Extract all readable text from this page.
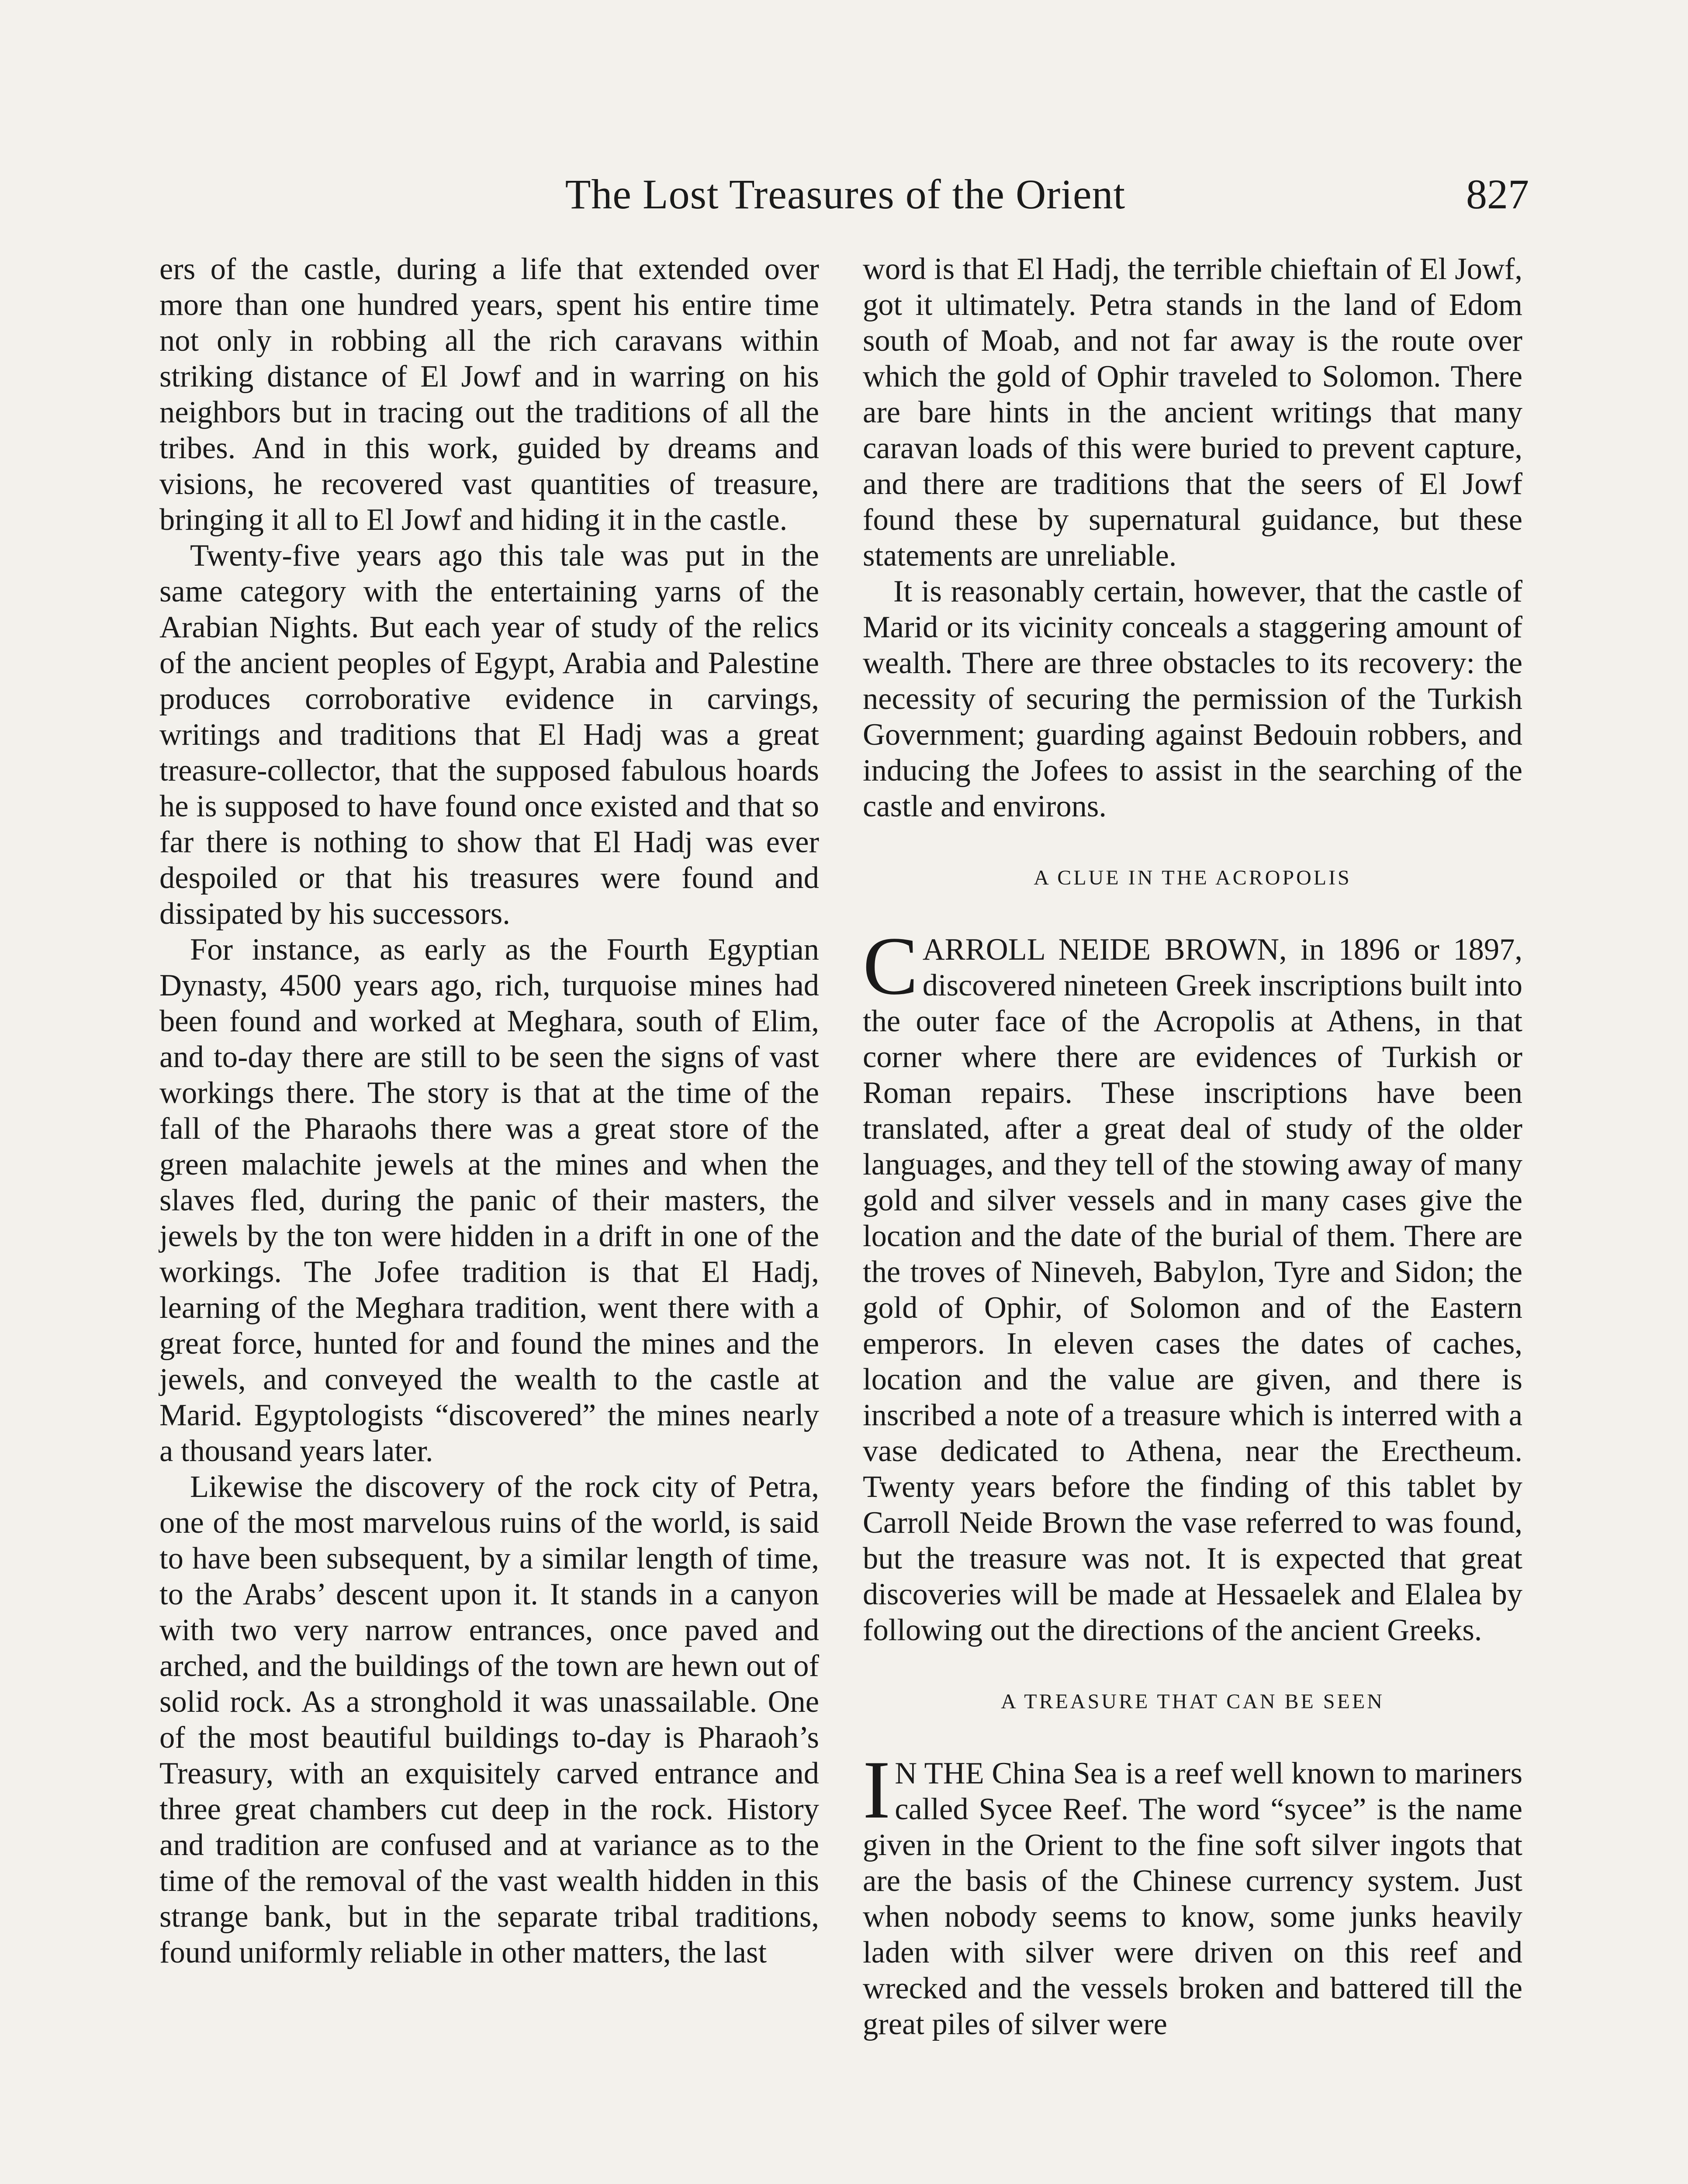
The Lost Treasures of the Orient	827

ers of the castle, during a life that extended over more than one hundred years, spent his entire time not only in robbing all the rich caravans within striking distance of El Jowf and in warring on his neighbors but in tracing out the traditions of all the tribes. And in this work, guided by dreams and visions, he recovered vast quantities of treasure, bringing it all to El Jowf and hiding it in the castle.

Twenty-five years ago this tale was put in the same category with the entertaining yarns of the Arabian Nights. But each year of study of the relics of the ancient peoples of Egypt, Arabia and Palestine produces corroborative evidence in carvings, writings and traditions that El Hadj was a great treasure-collector, that the supposed fabulous hoards he is supposed to have found once existed and that so far there is nothing to show that El Hadj was ever despoiled or that his treasures were found and dissipated by his successors.

For instance, as early as the Fourth Egyptian Dynasty, 4500 years ago, rich, turquoise mines had been found and worked at Meghara, south of Elim, and to-day there are still to be seen the signs of vast workings there. The story is that at the time of the fall of the Pharaohs there was a great store of the green malachite jewels at the mines and when the slaves fled, during the panic of their masters, the jewels by the ton were hidden in a drift in one of the workings. The Jofee tradition is that El Hadj, learning of the Meghara tradition, went there with a great force, hunted for and found the mines and the jewels, and conveyed the wealth to the castle at Marid. Egyptologists “discovered” the mines nearly a thousand years later.

Likewise the discovery of the rock city of Petra, one of the most marvelous ruins of the world, is said to have been subsequent, by a similar length of time, to the Arabs’ descent upon it. It stands in a canyon with two very narrow entrances, once paved and arched, and the buildings of the town are hewn out of solid rock. As a stronghold it was unassailable. One of the most beautiful buildings to-day is Pharaoh’s Treasury, with an exquisitely carved entrance and three great chambers cut deep in the rock. History and tradition are confused and at variance as to the time of the removal of the vast wealth hidden in this strange bank, but in the separate tribal traditions, found uniformly reliable in other matters, the last

word is that El Hadj, the terrible chieftain of El Jowf, got it ultimately. Petra stands in the land of Edom south of Moab, and not far away is the route over which the gold of Ophir traveled to Solomon. There are bare hints in the ancient writings that many caravan loads of this were buried to prevent capture, and there are traditions that the seers of El Jowf found these by supernatural guidance, but these statements are unreliable.

It is reasonably certain, however, that the castle of Marid or its vicinity conceals a staggering amount of wealth. There are three obstacles to its recovery: the necessity of securing the permission of the Turkish Government; guarding against Bedouin robbers, and inducing the Jofees to assist in the searching of the castle and environs.

A CLUE IN THE ACROPOLIS

CARROLL NEIDE BROWN, in 1896 or 1897, discovered nineteen Greek inscriptions built into the outer face of the Acropolis at Athens, in that corner where there are evidences of Turkish or Roman repairs. These inscriptions have been translated, after a great deal of study of the older languages, and they tell of the stowing away of many gold and silver vessels and in many cases give the location and the date of the burial of them. There are the troves of Nineveh, Babylon, Tyre and Sidon; the gold of Ophir, of Solomon and of the Eastern emperors. In eleven cases the dates of caches, location and the value are given, and there is inscribed a note of a treasure which is interred with a vase dedicated to Athena, near the Erectheum. Twenty years before the finding of this tablet by Carroll Neide Brown the vase referred to was found, but the treasure was not. It is expected that great discoveries will be made at Hessaelek and Elalea by following out the directions of the ancient Greeks.

A TREASURE THAT CAN BE SEEN

I N THE China Sea is a reef well known to mariners called Sycee Reef. The word “sycee” is the name given in the Orient to the fine soft silver ingots that are the basis of the Chinese currency system. Just when nobody seems to know, some junks heavily laden with silver were driven on this reef and wrecked and the vessels broken and battered till the great piles of silver were
